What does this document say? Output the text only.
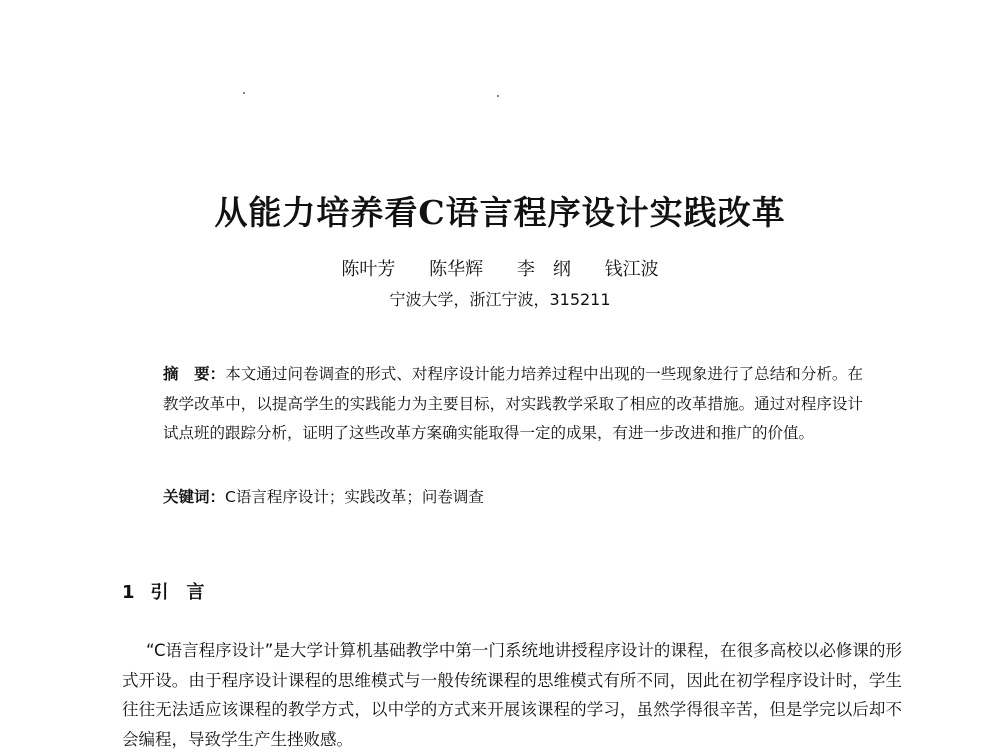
从能力培养看C语言程序设计实践改革
陈叶芳 陈华辉 李　纲 钱江波
宁波大学，浙江宁波，315211
摘　要：本文通过问卷调查的形式、对程序设计能力培养过程中出现的一些现象进行了总结和分析。在教学改革中，以提高学生的实践能力为主要目标，对实践教学采取了相应的改革措施。通过对程序设计试点班的跟踪分析，证明了这些改革方案确实能取得一定的成果，有进一步改进和推广的价值。
关键词：C语言程序设计；实践改革；问卷调查
1 引　言
“C语言程序设计”是大学计算机基础教学中第一门系统地讲授程序设计的课程，在很多高校以必修课的形式开设。由于程序设计课程的思维模式与一般传统课程的思维模式有所不同，因此在初学程序设计时，学生往往无法适应该课程的教学方式，以中学的方式来开展该课程的学习，虽然学得很辛苦，但是学完以后却不会编程，导致学生产生挫败感。
